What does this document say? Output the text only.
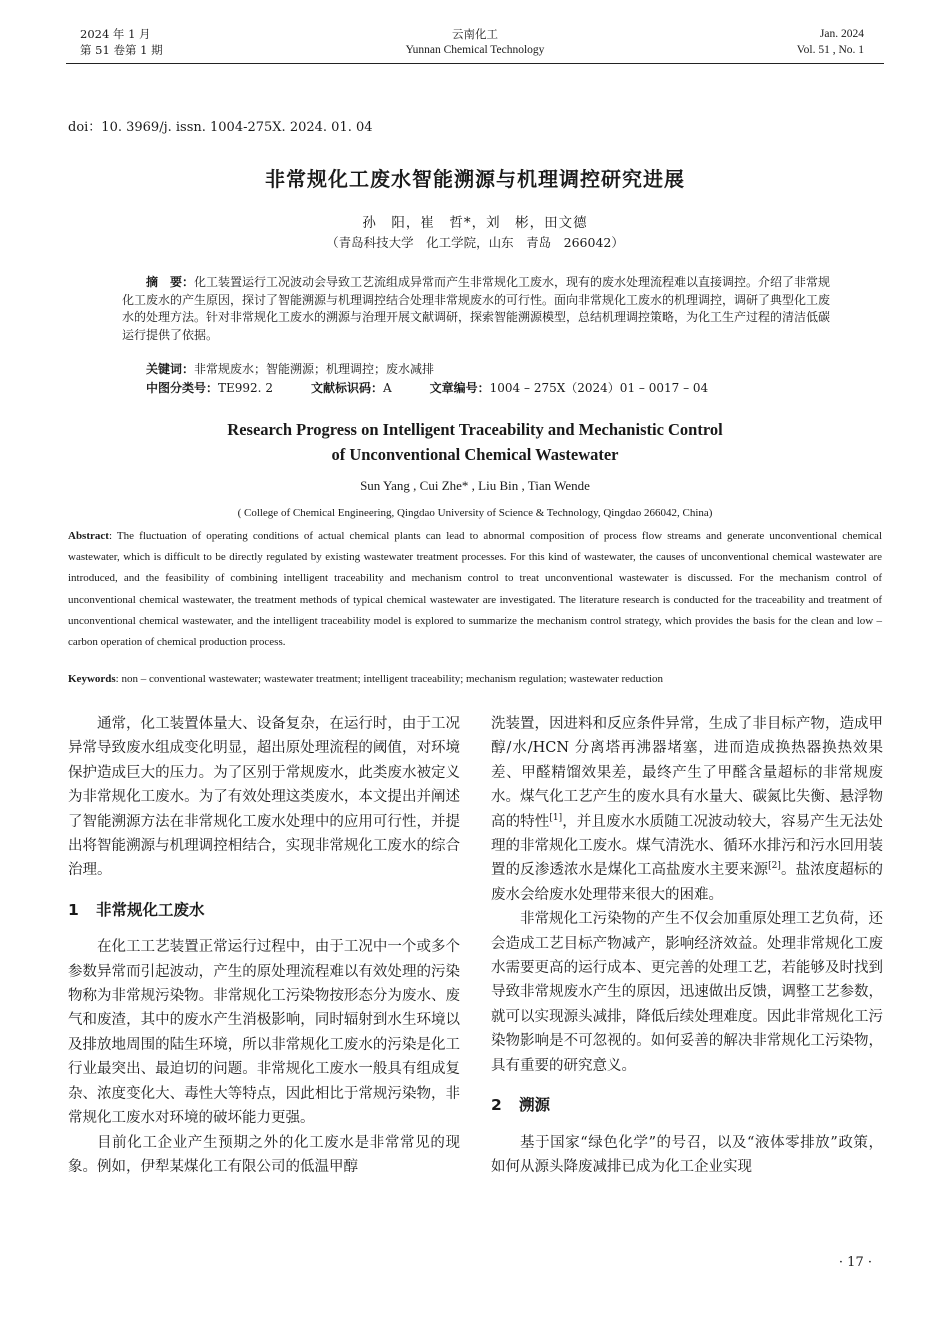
2024 年 1 月
第 51 卷第 1 期
云南化工
Yunnan Chemical Technology
Jan. 2024
Vol. 51 , No. 1
doi：10. 3969/j. issn. 1004-275X. 2024. 01. 04
非常规化工废水智能溯源与机理调控研究进展
孙　阳，崔　哲*，刘　彬，田文德
（青岛科技大学　化工学院，山东　青岛　266042）
摘　要：化工装置运行工况波动会导致工艺流组成异常而产生非常规化工废水，现有的废水处理流程难以直接调控。介绍了非常规化工废水的产生原因，探讨了智能溯源与机理调控结合处理非常规废水的可行性。面向非常规化工废水的机理调控，调研了典型化工废水的处理方法。针对非常规化工废水的溯源与治理开展文献调研，探索智能溯源模型，总结机理调控策略，为化工生产过程的清洁低碳运行提供了依据。
关键词：非常规废水；智能溯源；机理调控；废水减排
中图分类号：TE992. 2	文献标识码：A	文章编号：1004 – 275X（2024）01 – 0017 – 04
Research Progress on Intelligent Traceability and Mechanistic Control
of Unconventional Chemical Wastewater
Sun Yang , Cui Zhe* , Liu Bin , Tian Wende
( College of Chemical Engineering, Qingdao University of Science & Technology, Qingdao 266042, China)
Abstract: The fluctuation of operating conditions of actual chemical plants can lead to abnormal composition of process flow streams and generate unconventional chemical wastewater, which is difficult to be directly regulated by existing wastewater treatment processes. For this kind of wastewater, the causes of unconventional chemical wastewater are introduced, and the feasibility of combining intelligent traceability and mechanism control to treat unconventional wastewater is discussed. For the mechanism control of unconventional chemical wastewater, the treatment methods of typical chemical wastewater are investigated. The literature research is conducted for the traceability and treatment of unconventional chemical wastewater, and the intelligent traceability model is explored to summarize the mechanism control strategy, which provides the basis for the clean and low – carbon operation of chemical production process.
Keywords: non – conventional wastewater; wastewater treatment; intelligent traceability; mechanism regulation; wastewater reduction

通常，化工装置体量大、设备复杂，在运行时，由于工况异常导致废水组成变化明显，超出原处理流程的阈值，对环境保护造成巨大的压力。为了区别于常规废水，此类废水被定义为非常规化工废水。为了有效处理这类废水，本文提出并阐述了智能溯源方法在非常规化工废水处理中的应用可行性，并提出将智能溯源与机理调控相结合，实现非常规化工废水的综合治理。

1 非常规化工废水

在化工工艺装置正常运行过程中，由于工况中一个或多个参数异常而引起波动，产生的原处理流程难以有效处理的污染物称为非常规污染物。非常规化工污染物按形态分为废水、废气和废渣，其中的废水产生消极影响，同时辐射到水生环境以及排放地周围的陆生环境，所以非常规化工废水的污染是化工行业最突出、最迫切的问题。非常规化工废水一般具有组成复杂、浓度变化大、毒性大等特点，因此相比于常规污染物，非常规化工废水对环境的破坏能力更强。

目前化工企业产生预期之外的化工废水是非常常见的现象。例如，伊犁某煤化工有限公司的低温甲醇

洗装置，因进料和反应条件异常，生成了非目标产物，造成甲醇/水/HCN 分离塔再沸器堵塞，进而造成换热器换热效果差、甲醛精馏效果差，最终产生了甲醛含量超标的非常规废水。煤气化工艺产生的废水具有水量大、碳氮比失衡、悬浮物高的特性[1]，并且废水水质随工况波动较大，容易产生无法处理的非常规化工废水。煤气清洗水、循环水排污和污水回用装置的反渗透浓水是煤化工高盐废水主要来源[2]。盐浓度超标的废水会给废水处理带来很大的困难。

非常规化工污染物的产生不仅会加重原处理工艺负荷，还会造成工艺目标产物减产，影响经济效益。处理非常规化工废水需要更高的运行成本、更完善的处理工艺，若能够及时找到导致非常规废水产生的原因，迅速做出反馈，调整工艺参数，就可以实现源头减排，降低后续处理难度。因此非常规化工污染物影响是不可忽视的。如何妥善的解决非常规化工污染物，具有重要的研究意义。

2 溯源

基于国家“绿色化学”的号召，以及“液体零排放”政策，如何从源头降废减排已成为化工企业实现

· 17 ·
